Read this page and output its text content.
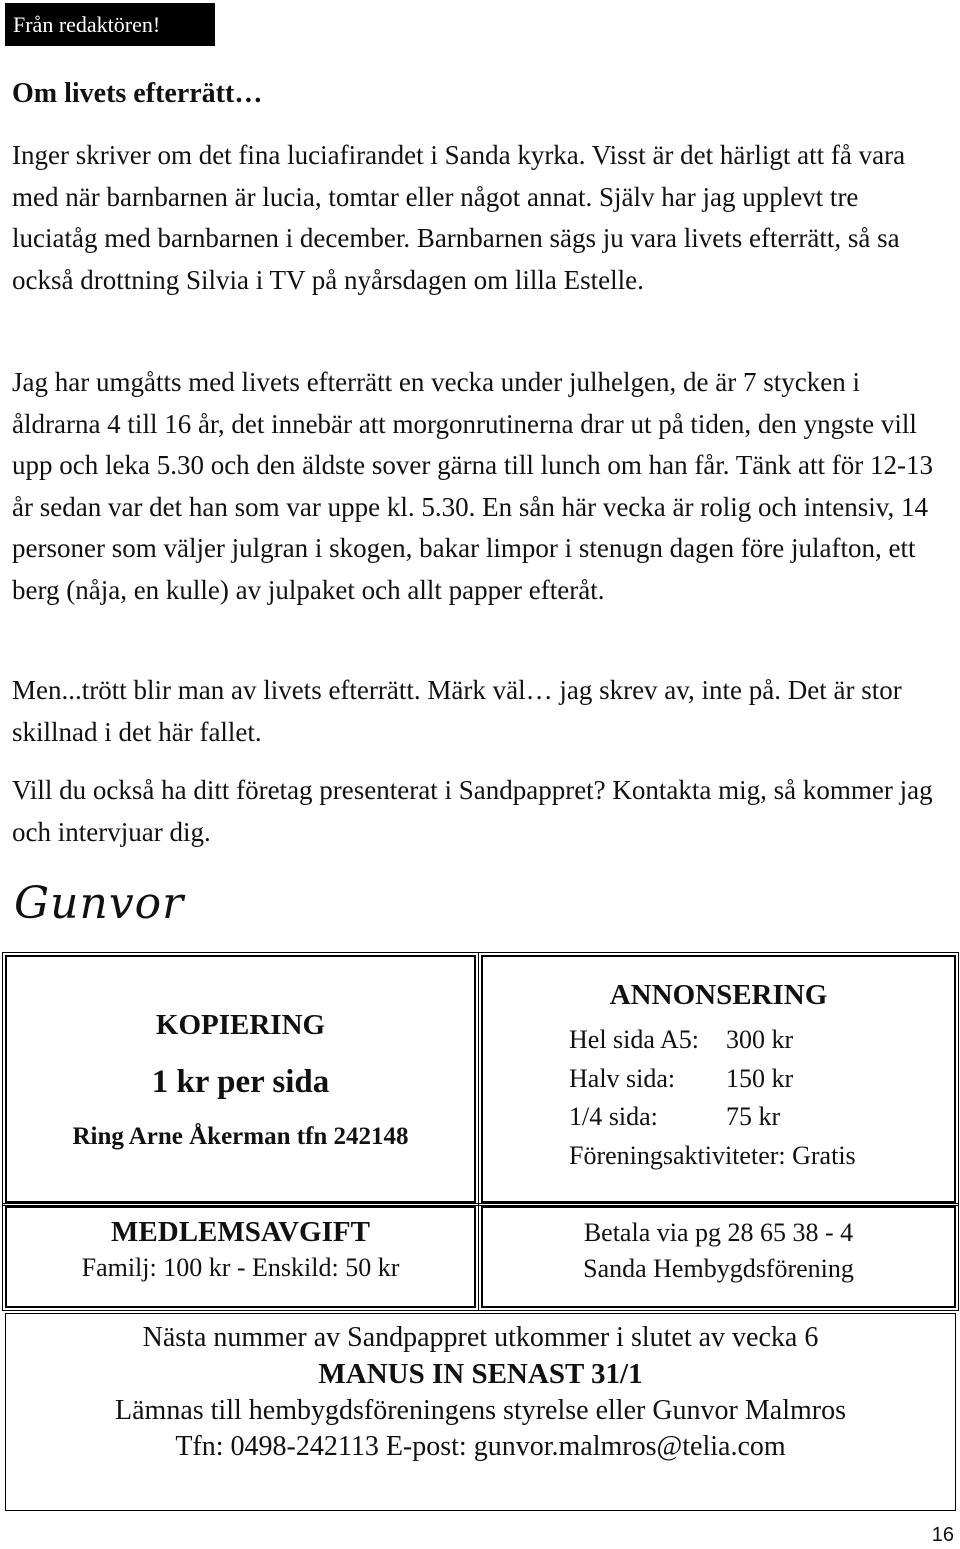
Från redaktören!
Om livets efterrätt…

Inger skriver om det fina luciafirandet i Sanda kyrka. Visst är det härligt att få vara med när barnbarnen är lucia, tomtar eller något annat. Själv har jag upplevt tre luciatåg med barnbarnen i december. Barnbarnen sägs ju vara livets efterrätt, så sa också drottning Silvia i TV på nyårsdagen om lilla Estelle.

Jag har umgåtts med livets efterrätt en vecka under julhelgen, de är 7 stycken i åldrarna 4 till 16 år, det innebär att morgonrutinerna drar ut på tiden, den yngste vill upp och leka 5.30 och den äldste sover gärna till lunch om han får. Tänk att för 12-13 år sedan var det han som var uppe kl. 5.30. En sån här vecka är rolig och intensiv, 14 personer som väljer julgran i skogen, bakar limpor i stenugn dagen före julafton, ett berg (nåja, en kulle) av julpaket och allt papper efteråt.

Men...trött blir man av livets efterrätt. Märk väl… jag skrev av, inte på. Det är stor skillnad i det här fallet.

Vill du också ha ditt företag presenterat i Sandpappret? Kontakta mig, så kommer jag och intervjuar dig.

Gunvor
KOPIERING
1 kr per sida
Ring Arne Åkerman tfn 242148
ANNONSERING
Hel sida A5: 300 kr
Halv sida: 150 kr
1/4 sida:	75 kr
Föreningsaktiviteter: Gratis
MEDLEMSAVGIFT
Familj: 100 kr - Enskild: 50 kr
Betala via pg 28 65 38 - 4
Sanda Hembygdsförening
Nästa nummer av Sandpappret utkommer i slutet av vecka 6
MANUS IN SENAST 31/1
Lämnas till hembygdsföreningens styrelse eller Gunvor Malmros
Tfn: 0498-242113 E-post: gunvor.malmros@telia.com
16
